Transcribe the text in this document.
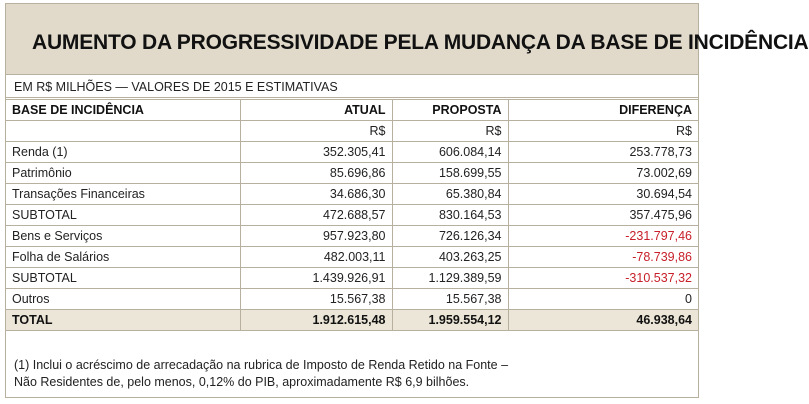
AUMENTO DA PROGRESSIVIDADE PELA MUDANÇA DA BASE DE INCIDÊNCIA
EM R$ MILHÕES — VALORES DE 2015 E ESTIMATIVAS
BASE DE INCIDÊNCIA	ATUAL	PROPOSTA	DIFERENÇA
	R$	R$	R$
Renda (1)	352.305,41	606.084,14	253.778,73
Patrimônio	85.696,86	158.699,55	73.002,69
Transações Financeiras	34.686,30	65.380,84	30.694,54
SUBTOTAL	472.688,57	830.164,53	357.475,96
Bens e Serviços	957.923,80	726.126,34	-231.797,46
Folha de Salários	482.003,11	403.263,25	-78.739,86
SUBTOTAL	1.439.926,91	1.129.389,59	-310.537,32
Outros	15.567,38	15.567,38	0
TOTAL	1.912.615,48	1.959.554,12	46.938,64
(1) Inclui o acréscimo de arrecadação na rubrica de Imposto de Renda Retido na Fonte –
Não Residentes de, pelo menos, 0,12% do PIB, aproximadamente R$ 6,9 bilhões.
